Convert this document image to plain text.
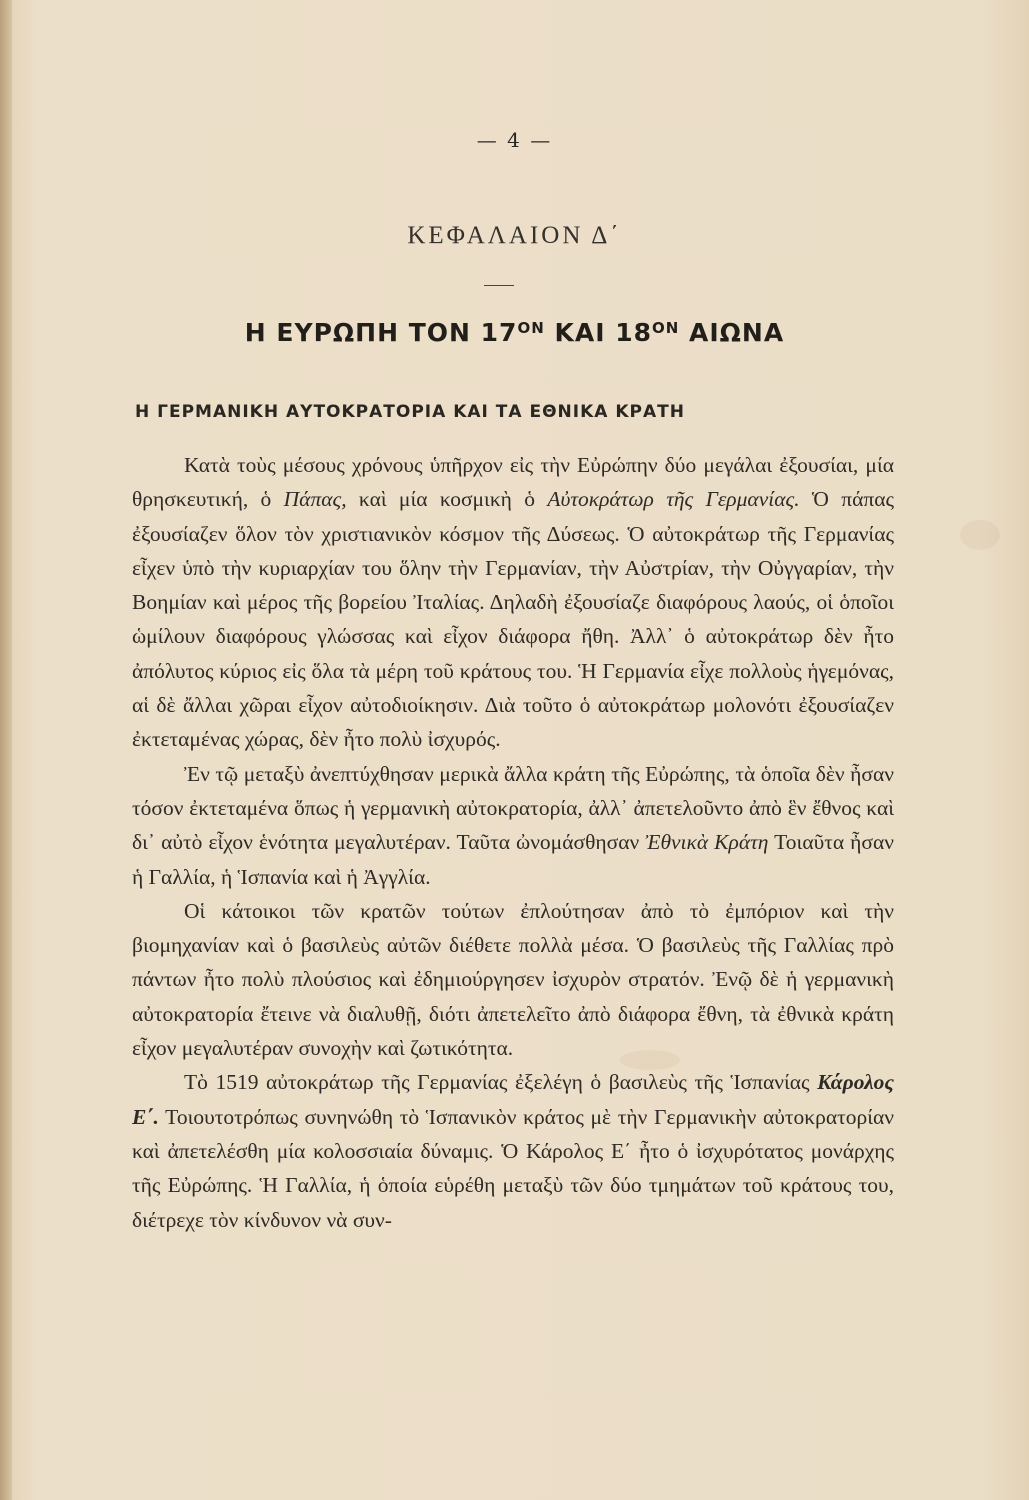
— 4 —
ΚΕΦΑΛΑΙΟΝ Δ΄
Η ΕΥΡΩΠΗ ΤΟΝ $17^{ON}$ ΚΑΙ $18^{ON}$ ΑΙΩΝΑ
Η ΓΕΡΜΑΝΙΚΗ ΑΥΤΟΚΡΑΤΟΡΙΑ ΚΑΙ ΤΑ ΕΘΝΙΚΑ ΚΡΑΤΗ

Κατὰ τοὺς μέσους χρόνους ὑπῆρχον εἰς τὴν Εὐρώπην δύο μεγάλαι ἐξουσίαι, μία θρησκευτική, ὁ Πάπας, καὶ μία κοσμικὴ ὁ Αὐτοκράτωρ τῆς Γερμανίας. Ὁ πάπας ἐξουσίαζεν ὅλον τὸν χριστιανικὸν κόσμον τῆς Δύσεως. Ὁ αὐτοκράτωρ τῆς Γερμανίας εἶχεν ὑπὸ τὴν κυριαρχίαν του ὅλην τὴν Γερμανίαν, τὴν Αὐστρίαν, τὴν Οὐγγαρίαν, τὴν Βοημίαν καὶ μέρος τῆς βορείου Ἰταλίας. Δηλαδὴ ἐξουσίαζε διαφόρους λαούς, οἱ ὁποῖοι ὡμίλουν διαφόρους γλώσσας καὶ εἶχον διάφορα ἤθη. Ἀλλ᾽ ὁ αὐτοκράτωρ δὲν ἦτο ἀπόλυτος κύριος εἰς ὅλα τὰ μέρη τοῦ κράτους του. Ἡ Γερμανία εἶχε πολλοὺς ἡγεμόνας, αἱ δὲ ἄλλαι χῶραι εἶχον αὐτοδιοίκησιν. Διὰ τοῦτο ὁ αὐτοκράτωρ μολονότι ἐξουσίαζεν ἐκτεταμένας χώρας, δὲν ἦτο πολὺ ἰσχυρός.

Ἐν τῷ μεταξὺ ἀνεπτύχθησαν μερικὰ ἄλλα κράτη τῆς Εὐρώπης, τὰ ὁποῖα δὲν ἦσαν τόσον ἐκτεταμένα ὅπως ἡ γερμανικὴ αὐτοκρατορία, ἀλλ᾽ ἀπετελοῦντο ἀπὸ ἓν ἔθνος καὶ δι᾽ αὐτὸ εἶχον ἑνότητα μεγαλυτέραν. Ταῦτα ὠνομάσθησαν Ἐθνικὰ Κράτη Τοιαῦτα ἦσαν ἡ Γαλλία, ἡ Ἱσπανία καὶ ἡ Ἀγγλία.

Οἱ κάτοικοι τῶν κρατῶν τούτων ἐπλούτησαν ἀπὸ τὸ ἐμπόριον καὶ τὴν βιομηχανίαν καὶ ὁ βασιλεὺς αὐτῶν διέθετε πολλὰ μέσα. Ὁ βασιλεὺς τῆς Γαλλίας πρὸ πάντων ἦτο πολὺ πλούσιος καὶ ἐδημιούργησεν ἰσχυρὸν στρατόν. Ἐνῷ δὲ ἡ γερμανικὴ αὐτοκρατορία ἔτεινε νὰ διαλυθῇ, διότι ἀπετελεῖτο ἀπὸ διάφορα ἔθνη, τὰ ἐθνικὰ κράτη εἶχον μεγαλυτέραν συνοχὴν καὶ ζωτικότητα.

Τὸ 1519 αὐτοκράτωρ τῆς Γερμανίας ἐξελέγη ὁ βασιλεὺς τῆς Ἱσπανίας Κάρολος Ε΄. Τοιουτοτρόπως συνηνώθη τὸ Ἱσπανικὸν κράτος μὲ τὴν Γερμανικὴν αὐτοκρατορίαν καὶ ἀπετελέσθη μία κολοσσιαία δύναμις. Ὁ Κάρολος Ε΄ ἦτο ὁ ἰσχυρότατος μονάρχης τῆς Εὐρώπης. Ἡ Γαλλία, ἡ ὁποία εὑρέθη μεταξὺ τῶν δύο τμημάτων τοῦ κράτους του, διέτρεχε τὸν κίνδυνον νὰ συν-
